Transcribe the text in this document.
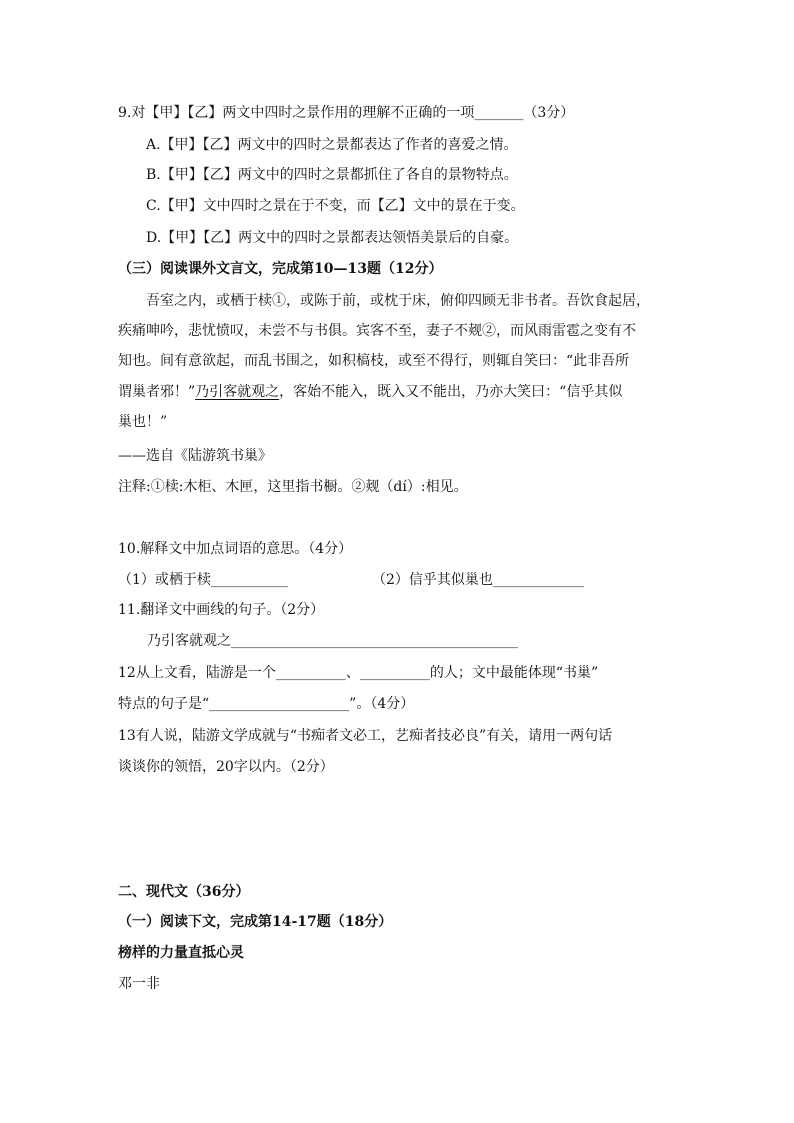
9.对【甲】【乙】两文中四时之景作用的理解不正确的一项_______（3分）
A.【甲】【乙】两文中的四时之景都表达了作者的喜爱之情。
B.【甲】【乙】两文中的四时之景都抓住了各自的景物特点。
C.【甲】文中四时之景在于不变，而【乙】文中的景在于变。
D.【甲】【乙】两文中的四时之景都表达领悟美景后的自豪。
（三）阅读课外文言文，完成第10—13题（12分）
吾室之内，或栖于椟①，或陈于前，或枕于床，俯仰四顾无非书者。吾饮食起居，
疾痛呻吟，悲忧愤叹，未尝不与书俱。宾客不至，妻子不觌②，而风雨雷雹之变有不
知也。间有意欲起，而乱书围之，如积槁枝，或至不得行，则辄自笑曰：“此非吾所
谓巢者邪！”乃引客就观之，客始不能入，既入又不能出，乃亦大笑曰：“信乎其似
巢也！”
——选自《陆游筑书巢》
注释:①椟:木柜、木匣，这里指书橱。②觌（dí）:相见。
10.解释文中加点词语的意思。（4分）
（1）或栖于椟___________	（2）信乎其似巢也_____________
11.翻译文中画线的句子。（2分）
乃引客就观之_________________________________________
12从上文看，陆游是一个__________、__________的人；文中最能体现“书巢”
特点的句子是“____________________”。（4分）
13有人说，陆游文学成就与“书痴者文必工，艺痴者技必良”有关，请用一两句话
谈谈你的领悟，20字以内。（2分）
二、现代文（36分）
（一）阅读下文，完成第14-17题（18分）
榜样的力量直抵心灵
邓一非
